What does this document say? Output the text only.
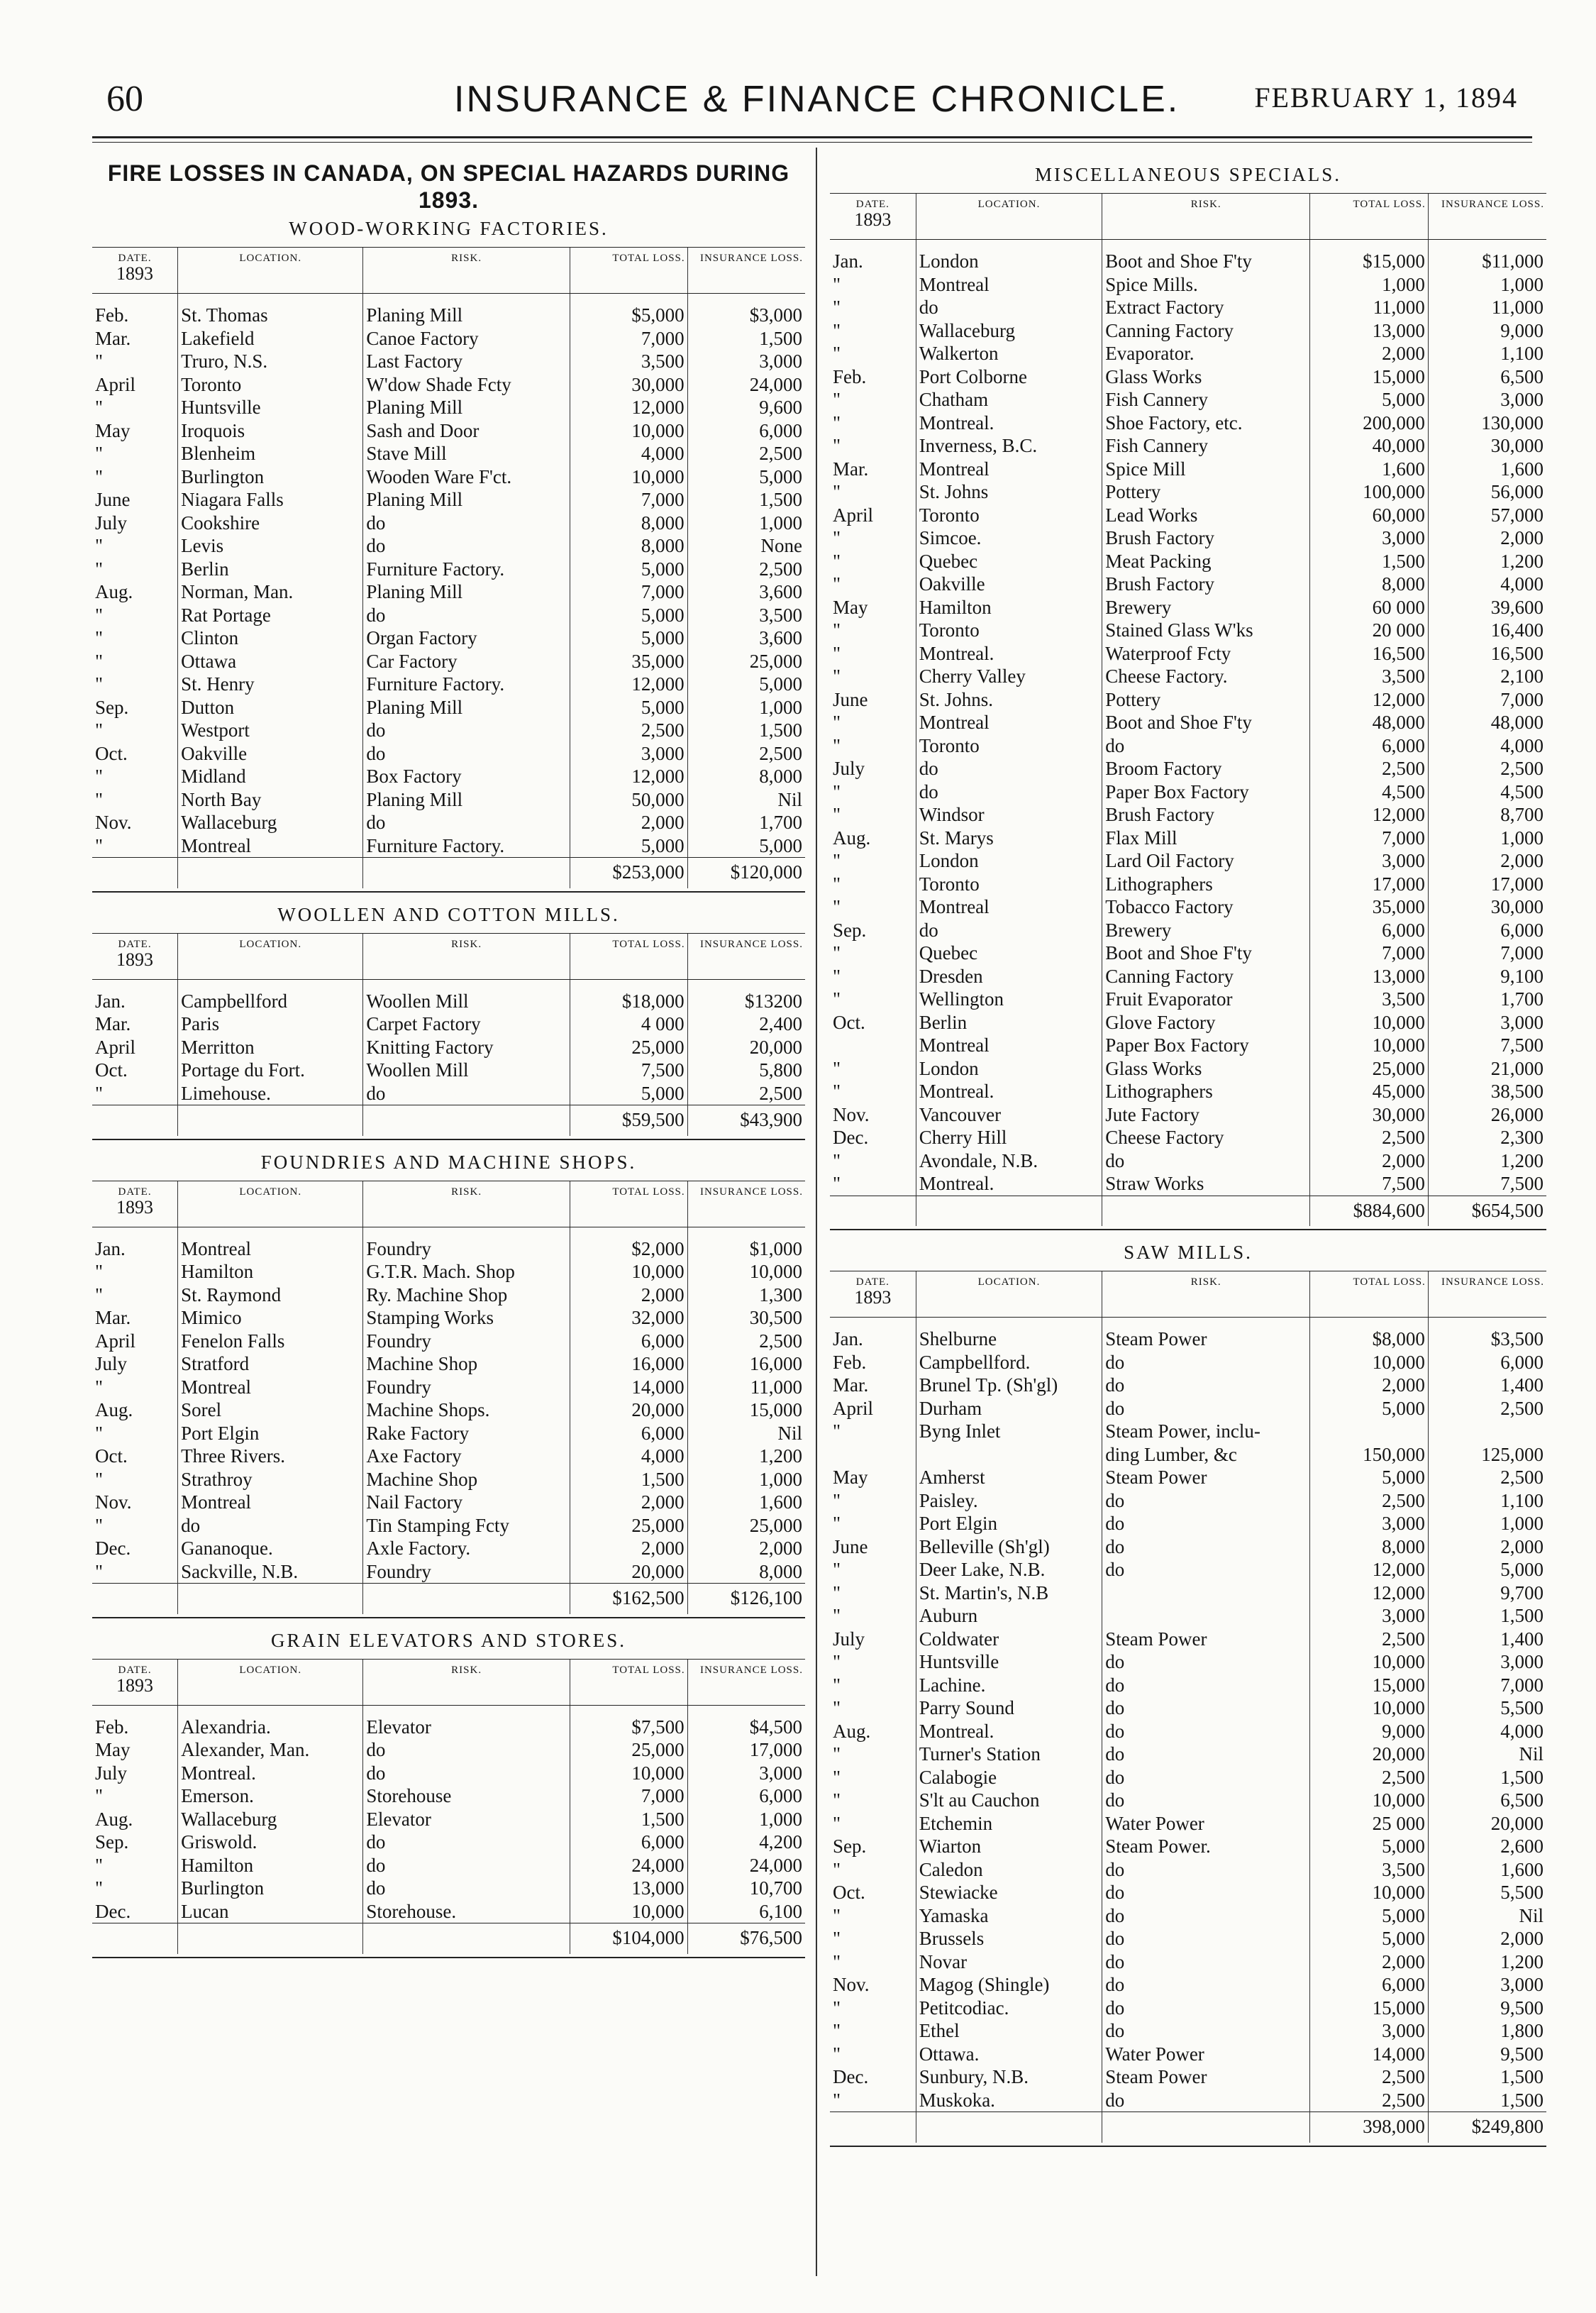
60	INSURANCE & FINANCE CHRONICLE.	FEBRUARY 1, 1894
FIRE LOSSES IN CANADA, ON SPECIAL HAZARDS DURING 1893.
WOOD-WORKING FACTORIES.
DATE.
1893	LOCATION.	RISK.	TOTAL LOSS.	INSURANCE LOSS.
Feb.	St. Thomas	Planing Mill	$5,000	$3,000
Mar.	Lakefield	Canoe Factory	7,000	1,500
"	Truro, N.S.	Last Factory	3,500	3,000
April	Toronto	W'dow Shade Fcty	30,000	24,000
"	Huntsville	Planing Mill	12,000	9,600
May	Iroquois	Sash and Door	10,000	6,000
"	Blenheim	Stave Mill	4,000	2,500
"	Burlington	Wooden Ware F'ct.	10,000	5,000
June	Niagara Falls	Planing Mill	7,000	1,500
July	Cookshire	do	8,000	1,000
"	Levis	do	8,000	None
"	Berlin	Furniture Factory.	5,000	2,500
Aug.	Norman, Man.	Planing Mill	7,000	3,600
"	Rat Portage	do	5,000	3,500
"	Clinton	Organ Factory	5,000	3,600
"	Ottawa	Car Factory	35,000	25,000
"	St. Henry	Furniture Factory.	12,000	5,000
Sep.	Dutton	Planing Mill	5,000	1,000
"	Westport	do	2,500	1,500
Oct.	Oakville	do	3,000	2,500
"	Midland	Box Factory	12,000	8,000
"	North Bay	Planing Mill	50,000	Nil
Nov.	Wallaceburg	do	2,000	1,700
"	Montreal	Furniture Factory.	5,000	5,000
			$253,000	$120,000
WOOLLEN AND COTTON MILLS.
DATE.
1893	LOCATION.	RISK.	TOTAL LOSS.	INSURANCE LOSS.
Jan.	Campbellford	Woollen Mill	$18,000	$13200
Mar.	Paris	Carpet Factory	4 000	2,400
April	Merritton	Knitting Factory	25,000	20,000
Oct.	Portage du Fort.	Woollen Mill	7,500	5,800
"	Limehouse.	do	5,000	2,500
			$59,500	$43,900
FOUNDRIES AND MACHINE SHOPS.
DATE.
1893	LOCATION.	RISK.	TOTAL LOSS.	INSURANCE LOSS.
Jan.	Montreal	Foundry	$2,000	$1,000
"	Hamilton	G.T.R. Mach. Shop	10,000	10,000
"	St. Raymond	Ry. Machine Shop	2,000	1,300
Mar.	Mimico	Stamping Works	32,000	30,500
April	Fenelon Falls	Foundry	6,000	2,500
July	Stratford	Machine Shop	16,000	16,000
"	Montreal	Foundry	14,000	11,000
Aug.	Sorel	Machine Shops.	20,000	15,000
"	Port Elgin	Rake Factory	6,000	Nil
Oct.	Three Rivers.	Axe Factory	4,000	1,200
"	Strathroy	Machine Shop	1,500	1,000
Nov.	Montreal	Nail Factory	2,000	1,600
"	do	Tin Stamping Fcty	25,000	25,000
Dec.	Gananoque.	Axle Factory.	2,000	2,000
"	Sackville, N.B.	Foundry	20,000	8,000
			$162,500	$126,100
GRAIN ELEVATORS AND STORES.
DATE.
1893	LOCATION.	RISK.	TOTAL LOSS.	INSURANCE LOSS.
Feb.	Alexandria.	Elevator	$7,500	$4,500
May	Alexander, Man.	do	25,000	17,000
July	Montreal.	do	10,000	3,000
"	Emerson.	Storehouse	7,000	6,000
Aug.	Wallaceburg	Elevator	1,500	1,000
Sep.	Griswold.	do	6,000	4,200
"	Hamilton	do	24,000	24,000
"	Burlington	do	13,000	10,700
Dec.	Lucan	Storehouse.	10,000	6,100
			$104,000	$76,500
MISCELLANEOUS SPECIALS.
DATE.
1893	LOCATION.	RISK.	TOTAL LOSS.	INSURANCE LOSS.
Jan.	London	Boot and Shoe F'ty	$15,000	$11,000
"	Montreal	Spice Mills.	1,000	1,000
"	do	Extract Factory	11,000	11,000
"	Wallaceburg	Canning Factory	13,000	9,000
"	Walkerton	Evaporator.	2,000	1,100
Feb.	Port Colborne	Glass Works	15,000	6,500
"	Chatham	Fish Cannery	5,000	3,000
"	Montreal.	Shoe Factory, etc.	200,000	130,000
"	Inverness, B.C.	Fish Cannery	40,000	30,000
Mar.	Montreal	Spice Mill	1,600	1,600
"	St. Johns	Pottery	100,000	56,000
April	Toronto	Lead Works	60,000	57,000
"	Simcoe.	Brush Factory	3,000	2,000
"	Quebec	Meat Packing	1,500	1,200
"	Oakville	Brush Factory	8,000	4,000
May	Hamilton	Brewery	60 000	39,600
"	Toronto	Stained Glass W'ks	20 000	16,400
"	Montreal.	Waterproof Fcty	16,500	16,500
"	Cherry Valley	Cheese Factory.	3,500	2,100
June	St. Johns.	Pottery	12,000	7,000
"	Montreal	Boot and Shoe F'ty	48,000	48,000
"	Toronto	do	6,000	4,000
July	do	Broom Factory	2,500	2,500
"	do	Paper Box Factory	4,500	4,500
"	Windsor	Brush Factory	12,000	8,700
Aug.	St. Marys	Flax Mill	7,000	1,000
"	London	Lard Oil Factory	3,000	2,000
"	Toronto	Lithographers	17,000	17,000
"	Montreal	Tobacco Factory	35,000	30,000
Sep.	do	Brewery	6,000	6,000
"	Quebec	Boot and Shoe F'ty	7,000	7,000
"	Dresden	Canning Factory	13,000	9,100
"	Wellington	Fruit Evaporator	3,500	1,700
Oct.	Berlin	Glove Factory	10,000	3,000
	Montreal	Paper Box Factory	10,000	7,500
"	London	Glass Works	25,000	21,000
"	Montreal.	Lithographers	45,000	38,500
Nov.	Vancouver	Jute Factory	30,000	26,000
Dec.	Cherry Hill	Cheese Factory	2,500	2,300
"	Avondale, N.B.	do	2,000	1,200
"	Montreal.	Straw Works	7,500	7,500
			$884,600	$654,500
SAW MILLS.
DATE.
1893	LOCATION.	RISK.	TOTAL LOSS.	INSURANCE LOSS.
Jan.	Shelburne	Steam Power	$8,000	$3,500
Feb.	Campbellford.	do	10,000	6,000
Mar.	Brunel Tp. (Sh'gl)	do	2,000	1,400
April	Durham	do	5,000	2,500
"	Byng Inlet	Steam Power, inclu-		
		ding Lumber, &c	150,000	125,000
May	Amherst	Steam Power	5,000	2,500
"	Paisley.	do	2,500	1,100
"	Port Elgin	do	3,000	1,000
June	Belleville (Sh'gl)	do	8,000	2,000
"	Deer Lake, N.B.	do	12,000	5,000
"	St. Martin's, N.B		12,000	9,700
"	Auburn		3,000	1,500
July	Coldwater	Steam Power	2,500	1,400
"	Huntsville	do	10,000	3,000
"	Lachine.	do	15,000	7,000
"	Parry Sound	do	10,000	5,500
Aug.	Montreal.	do	9,000	4,000
"	Turner's Station	do	20,000	Nil
"	Calabogie	do	2,500	1,500
"	S'lt au Cauchon	do	10,000	6,500
"	Etchemin	Water Power	25 000	20,000
Sep.	Wiarton	Steam Power.	5,000	2,600
"	Caledon	do	3,500	1,600
Oct.	Stewiacke	do	10,000	5,500
"	Yamaska	do	5,000	Nil
"	Brussels	do	5,000	2,000
"	Novar	do	2,000	1,200
Nov.	Magog (Shingle)	do	6,000	3,000
"	Petitcodiac.	do	15,000	9,500
"	Ethel	do	3,000	1,800
"	Ottawa.	Water Power	14,000	9,500
Dec.	Sunbury, N.B.	Steam Power	2,500	1,500
"	Muskoka.	do	2,500	1,500
			398,000	$249,800
